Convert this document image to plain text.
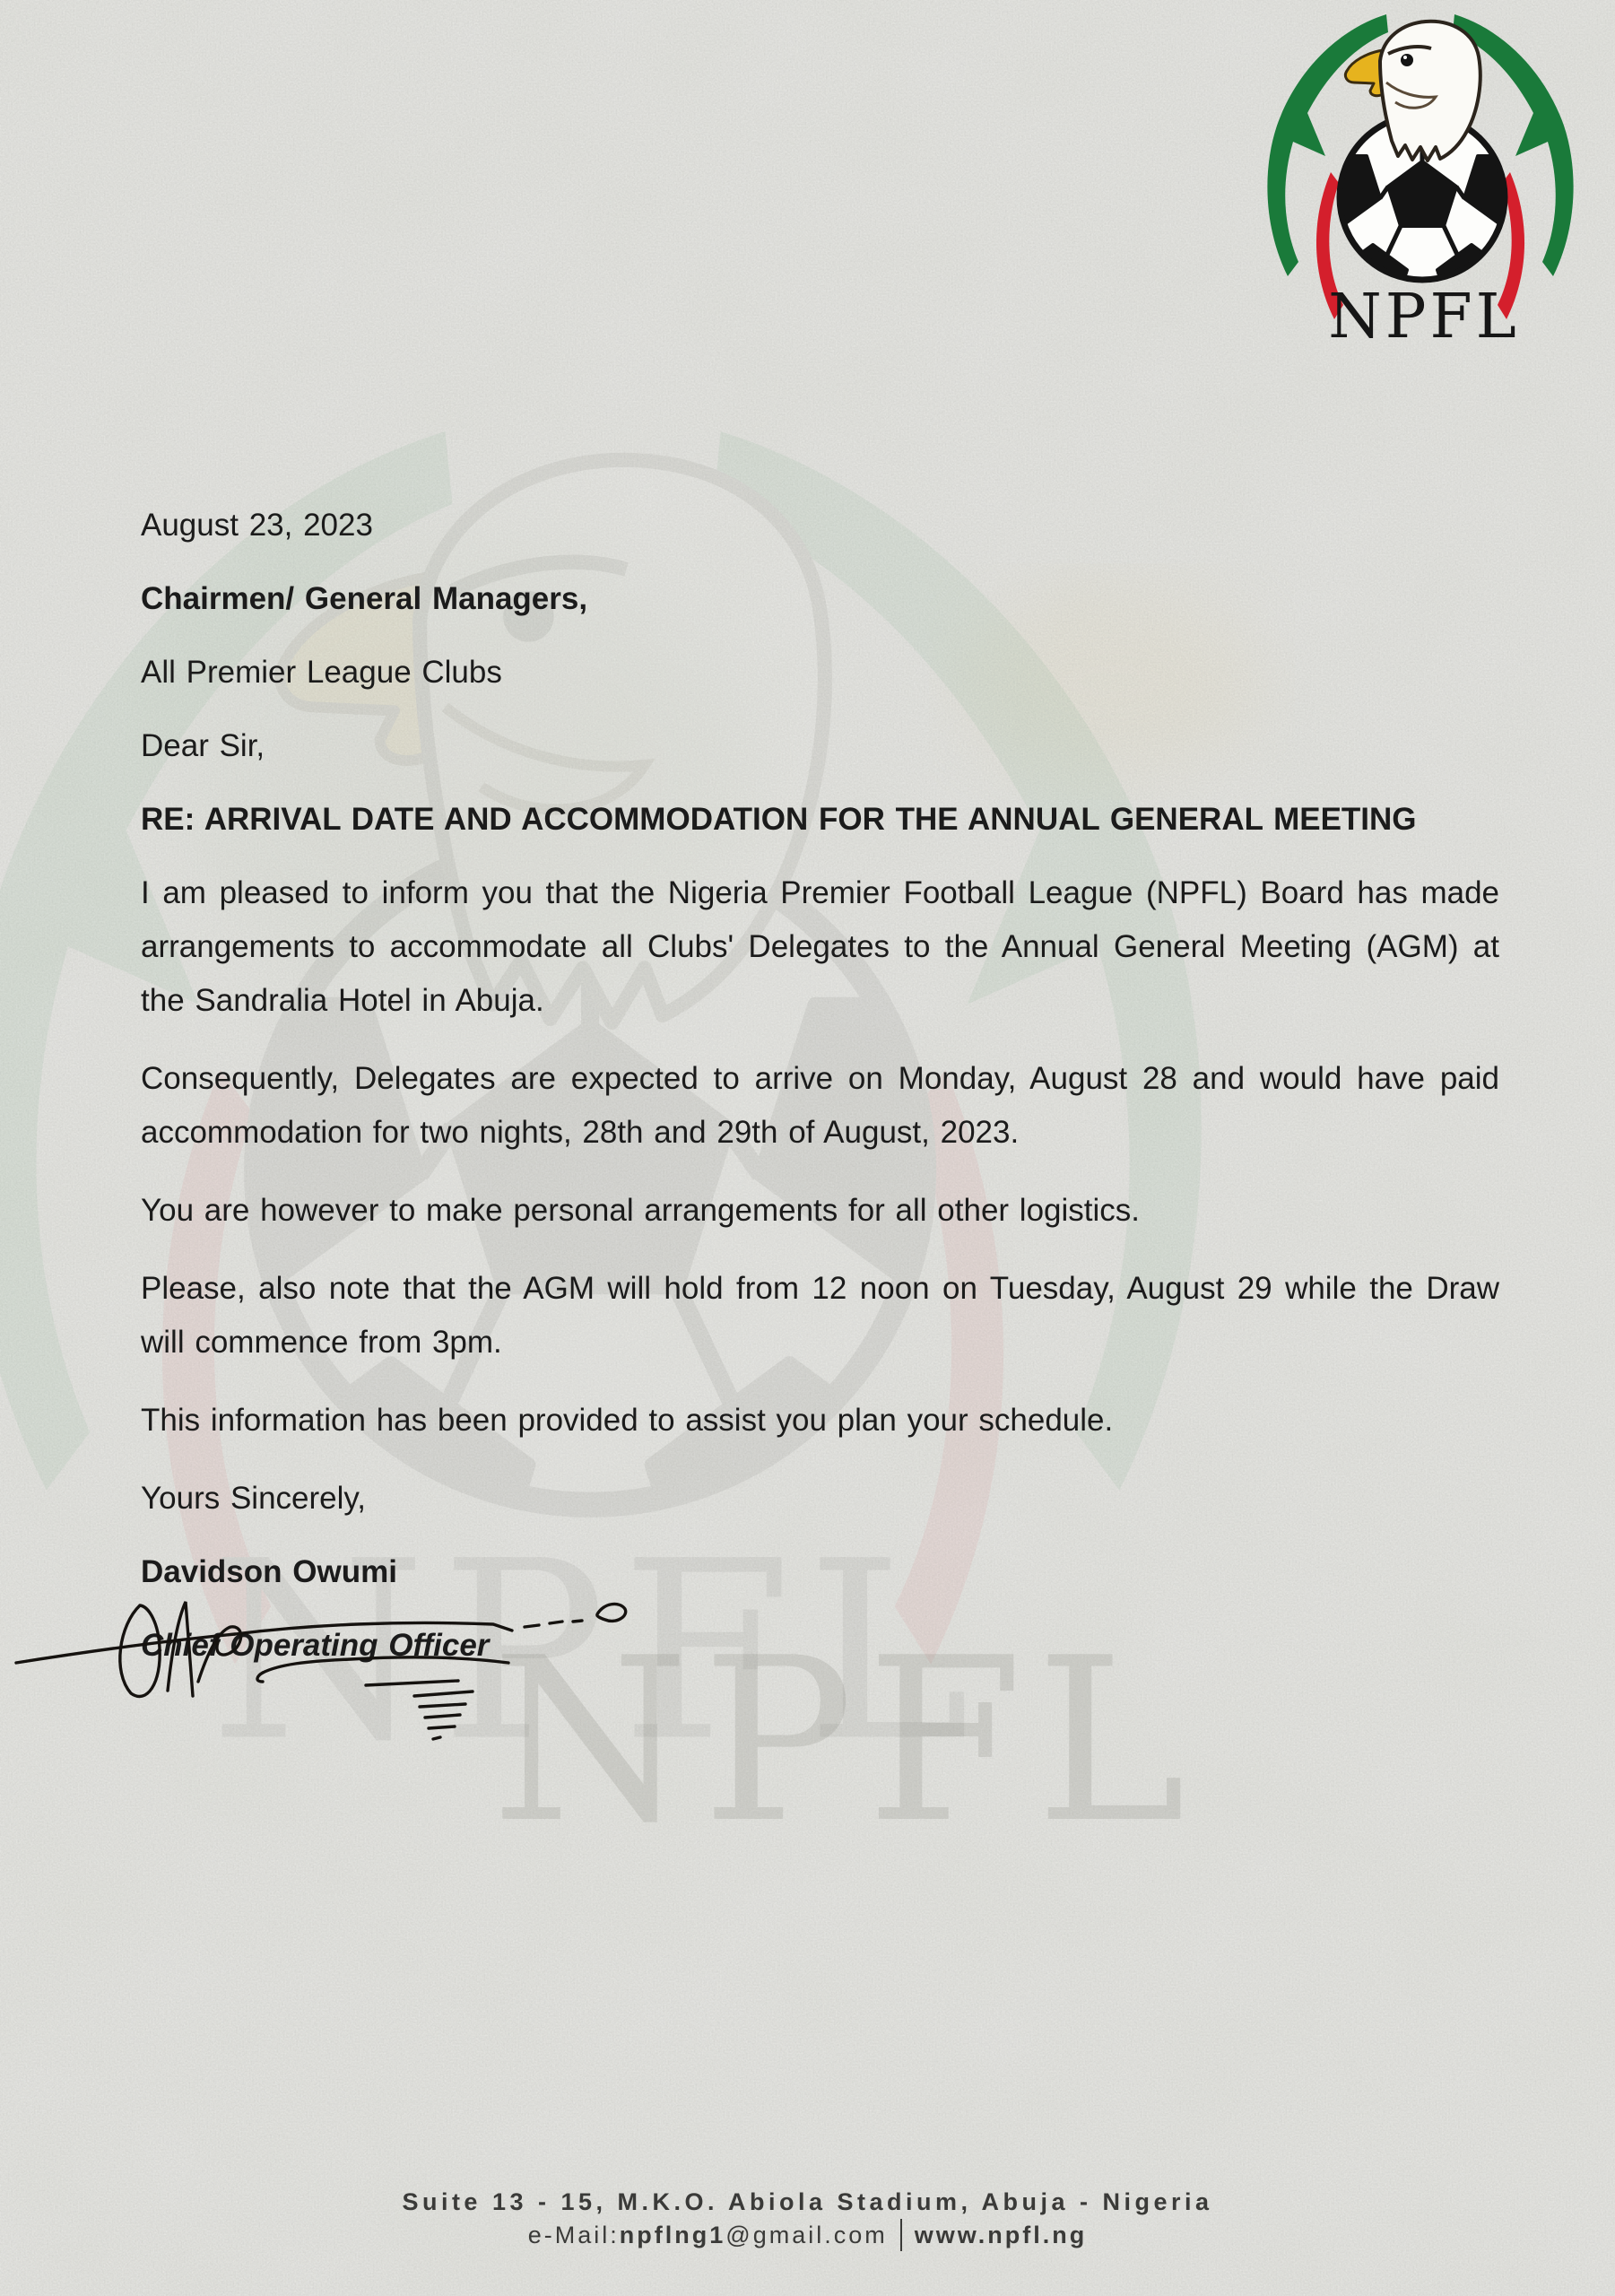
NPFL

August 23, 2023

Chairmen/ General Managers,

All Premier League Clubs

Dear Sir,

RE: ARRIVAL DATE AND ACCOMMODATION FOR THE ANNUAL GENERAL MEETING

I am pleased to inform you that the Nigeria Premier Football League (NPFL) Board has made arrangements to accommodate all Clubs' Delegates to the Annual General Meeting (AGM) at the Sandralia Hotel in Abuja.

Consequently, Delegates are expected to arrive on Monday, August 28 and would have paid accommodation for two nights, 28th and 29th of August, 2023.

You are however to make personal arrangements for all other logistics.

Please, also note that the AGM will hold from 12 noon on Tuesday, August 29 while the Draw will commence from 3pm.

This information has been provided to assist you plan your schedule.

Yours Sincerely,

Davidson Owumi

Chief Operating Officer

Suite 13 - 15, M.K.O. Abiola Stadium, Abuja - Nigeria
e-Mail:npflng1@gmail.com www.npfl.ng
